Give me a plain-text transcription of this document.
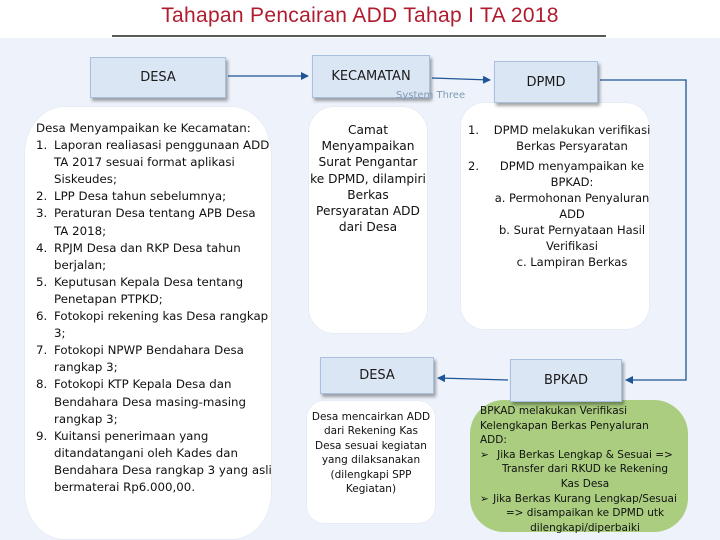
Tahapan Pencairan ADD Tahap I TA 2018
BPKAD melakukan Verifikasi Kelengkapan Berkas Penyaluran ADD:
➢ Jika Berkas Lengkap & Sesuai => Transfer dari RKUD ke Rekening Kas Desa
➢ Jika Berkas Kurang Lengkap/Sesuai => disampaikan ke DPMD utk dilengkapi/diperbaiki
DESA	KECAMATAN	DPMD
DESA	BPKAD
System Three
Desa Menyampaikan ke Kecamatan:
1. Laporan realiasasi penggunaan ADD TA 2017 sesuai format aplikasi Siskeudes;
2. LPP Desa tahun sebelumnya;
3. Peraturan Desa tentang APB Desa TA 2018;
4. RPJM Desa dan RKP Desa tahun berjalan;
5. Keputusan Kepala Desa tentang Penetapan PTPKD;
6. Fotokopi rekening kas Desa rangkap 3;
7. Fotokopi NPWP Bendahara Desa rangkap 3;
8. Fotokopi KTP Kepala Desa dan Bendahara Desa masing-masing rangkap 3;
9. Kuitansi penerimaan yang ditandatangani oleh Kades dan Bendahara Desa rangkap 3 yang asli bermaterai Rp6.000,00.
Camat Menyampaikan Surat Pengantar ke DPMD, dilampiri Berkas Persyaratan ADD dari Desa
1.	DPMD melakukan verifikasi Berkas Persyaratan
2.	DPMD menyampaikan ke BPKAD:
a. Permohonan Penyaluran ADD
b. Surat Pernyataan Hasil Verifikasi
c. Lampiran Berkas
Desa mencairkan ADD dari Rekening Kas Desa sesuai kegiatan yang dilaksanakan (dilengkapi SPP Kegiatan)
